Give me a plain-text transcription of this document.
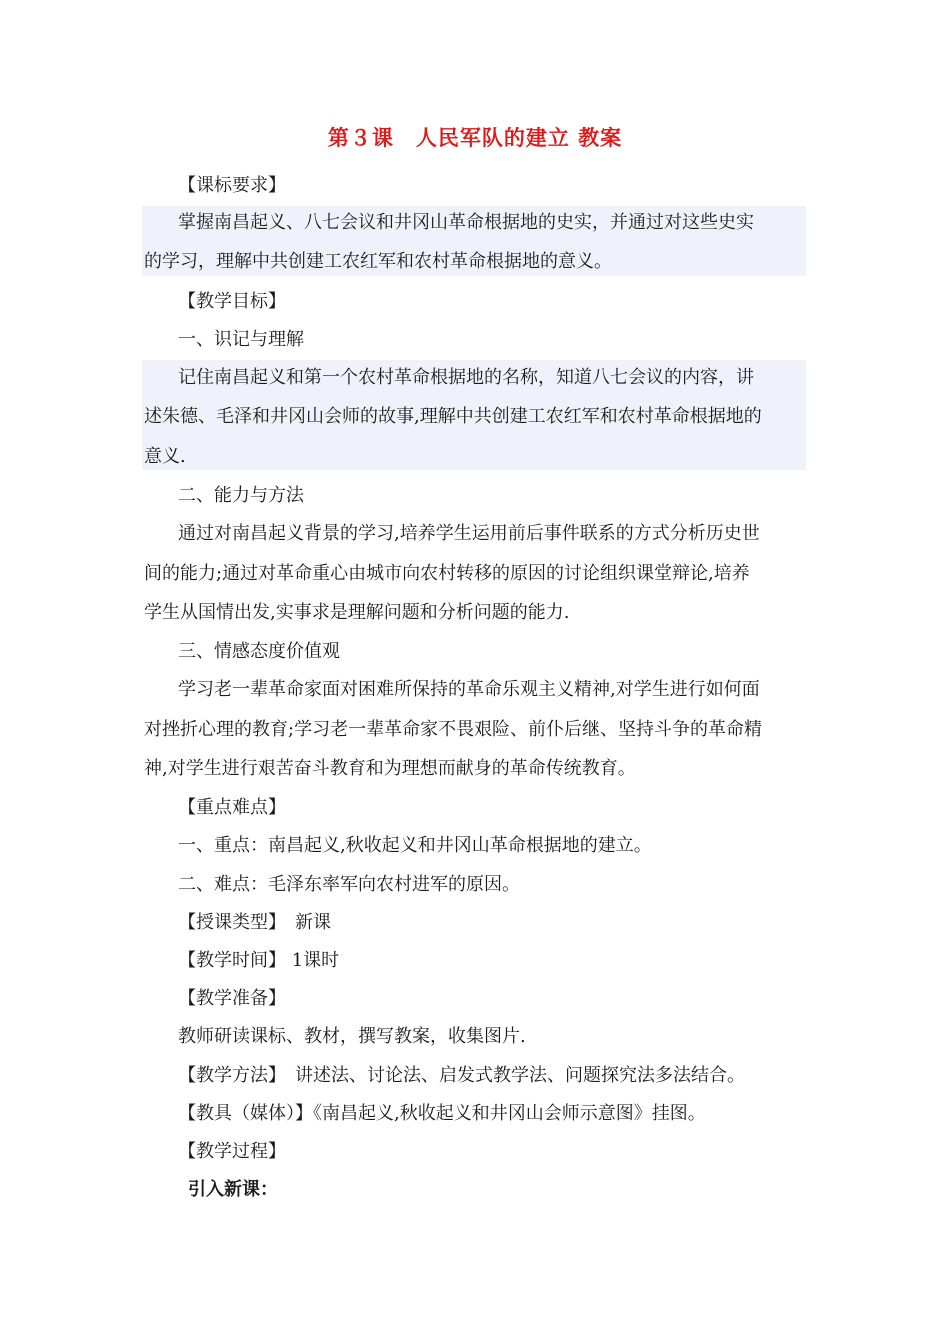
第３课　人民军队的建立 教案
【课标要求】
掌握南昌起义、八七会议和井冈山革命根据地的史实，并通过对这些史实
的学习，理解中共创建工农红军和农村革命根据地的意义。
【教学目标】
一、识记与理解
记住南昌起义和第一个农村革命根据地的名称，知道八七会议的内容，讲
述朱德、毛泽和井冈山会师的故事,理解中共创建工农红军和农村革命根据地的
意义.
二、能力与方法
通过对南昌起义背景的学习,培养学生运用前后事件联系的方式分析历史世
间的能力;通过对革命重心由城市向农村转移的原因的讨论组织课堂辩论,培养
学生从国情出发,实事求是理解问题和分析问题的能力.
三、情感态度价值观
学习老一辈革命家面对困难所保持的革命乐观主义精神,对学生进行如何面
对挫折心理的教育;学习老一辈革命家不畏艰险、前仆后继、坚持斗争的革命精
神,对学生进行艰苦奋斗教育和为理想而献身的革命传统教育。
【重点难点】
一、重点：南昌起义,秋收起义和井冈山革命根据地的建立。
二、难点：毛泽东率军向农村进军的原因。
【授课类型】　新课
【教学时间】 1课时
【教学准备】
教师研读课标、教材，撰写教案，收集图片.
【教学方法】　讲述法、讨论法、启发式教学法、问题探究法多法结合。
【教具（媒体）】《南昌起义,秋收起义和井冈山会师示意图》挂图。
【教学过程】
引入新课：
